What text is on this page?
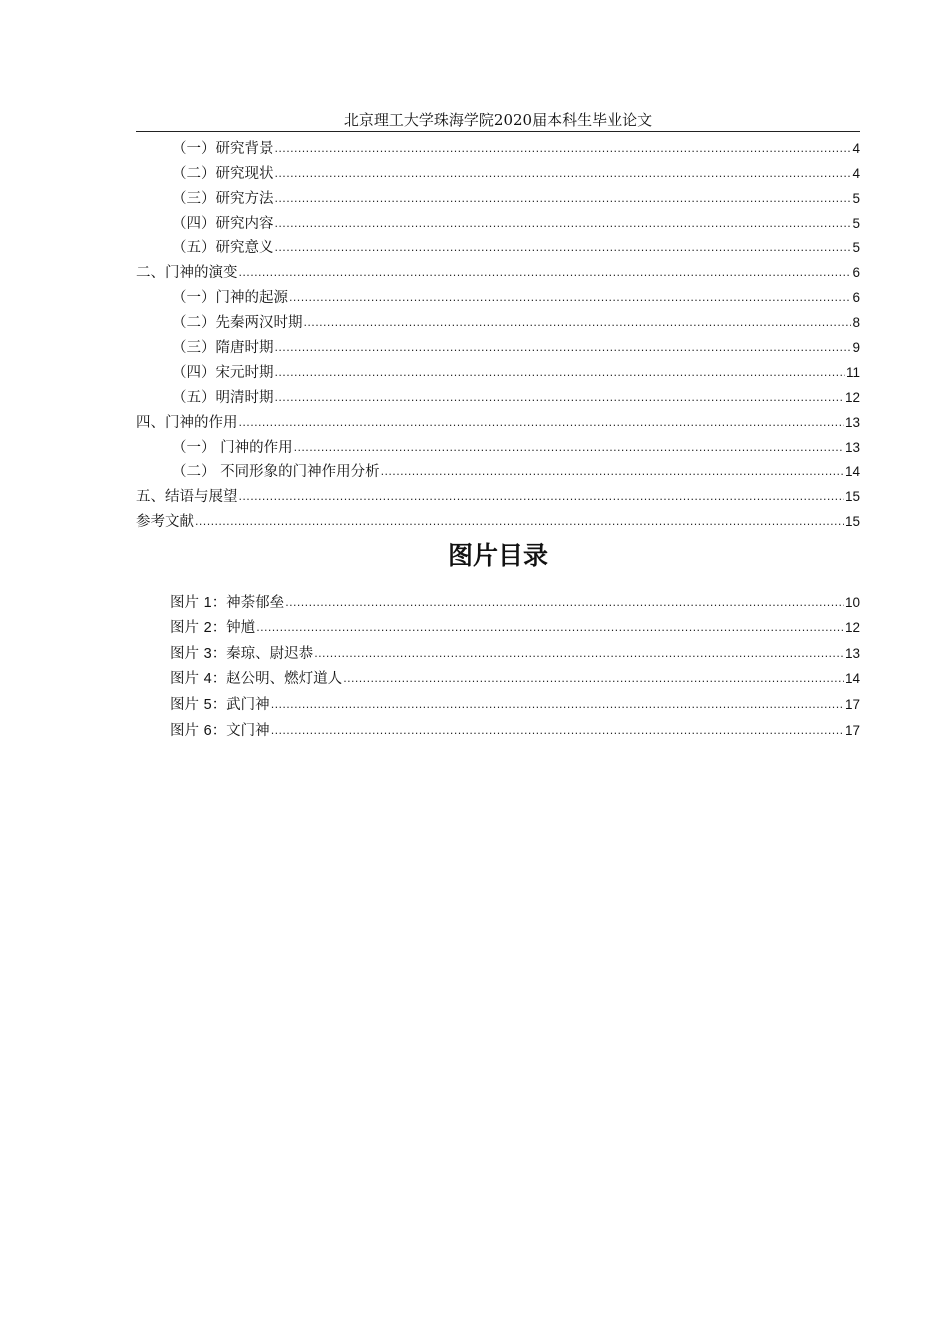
北京理工大学珠海学院2020届本科生毕业论文
（一）研究背景 .....	4
（二）研究现状 .....	4
（三）研究方法 .....	5
（四）研究内容 .....	5
（五）研究意义 .....	5
二、门神的演变 .....	6
（一）门神的起源 .....	6
（二）先秦两汉时期 .....	8
（三）隋唐时期 .....	9
（四）宋元时期 .....	11
（五）明清时期 .....	12
四、门神的作用 .....	13
（一） 门神的作用 .....	13
（二） 不同形象的门神作用分析 .....	14
五、结语与展望 .....	15
参考文献 .....	15
图片目录
图片 1：神荼郁垒 .....	10
图片 2：钟馗 .....	12
图片 3：秦琼、尉迟恭 .....	13
图片 4：赵公明、燃灯道人 .....	14
图片 5：武门神 .....	17
图片 6：文门神 .....	17
